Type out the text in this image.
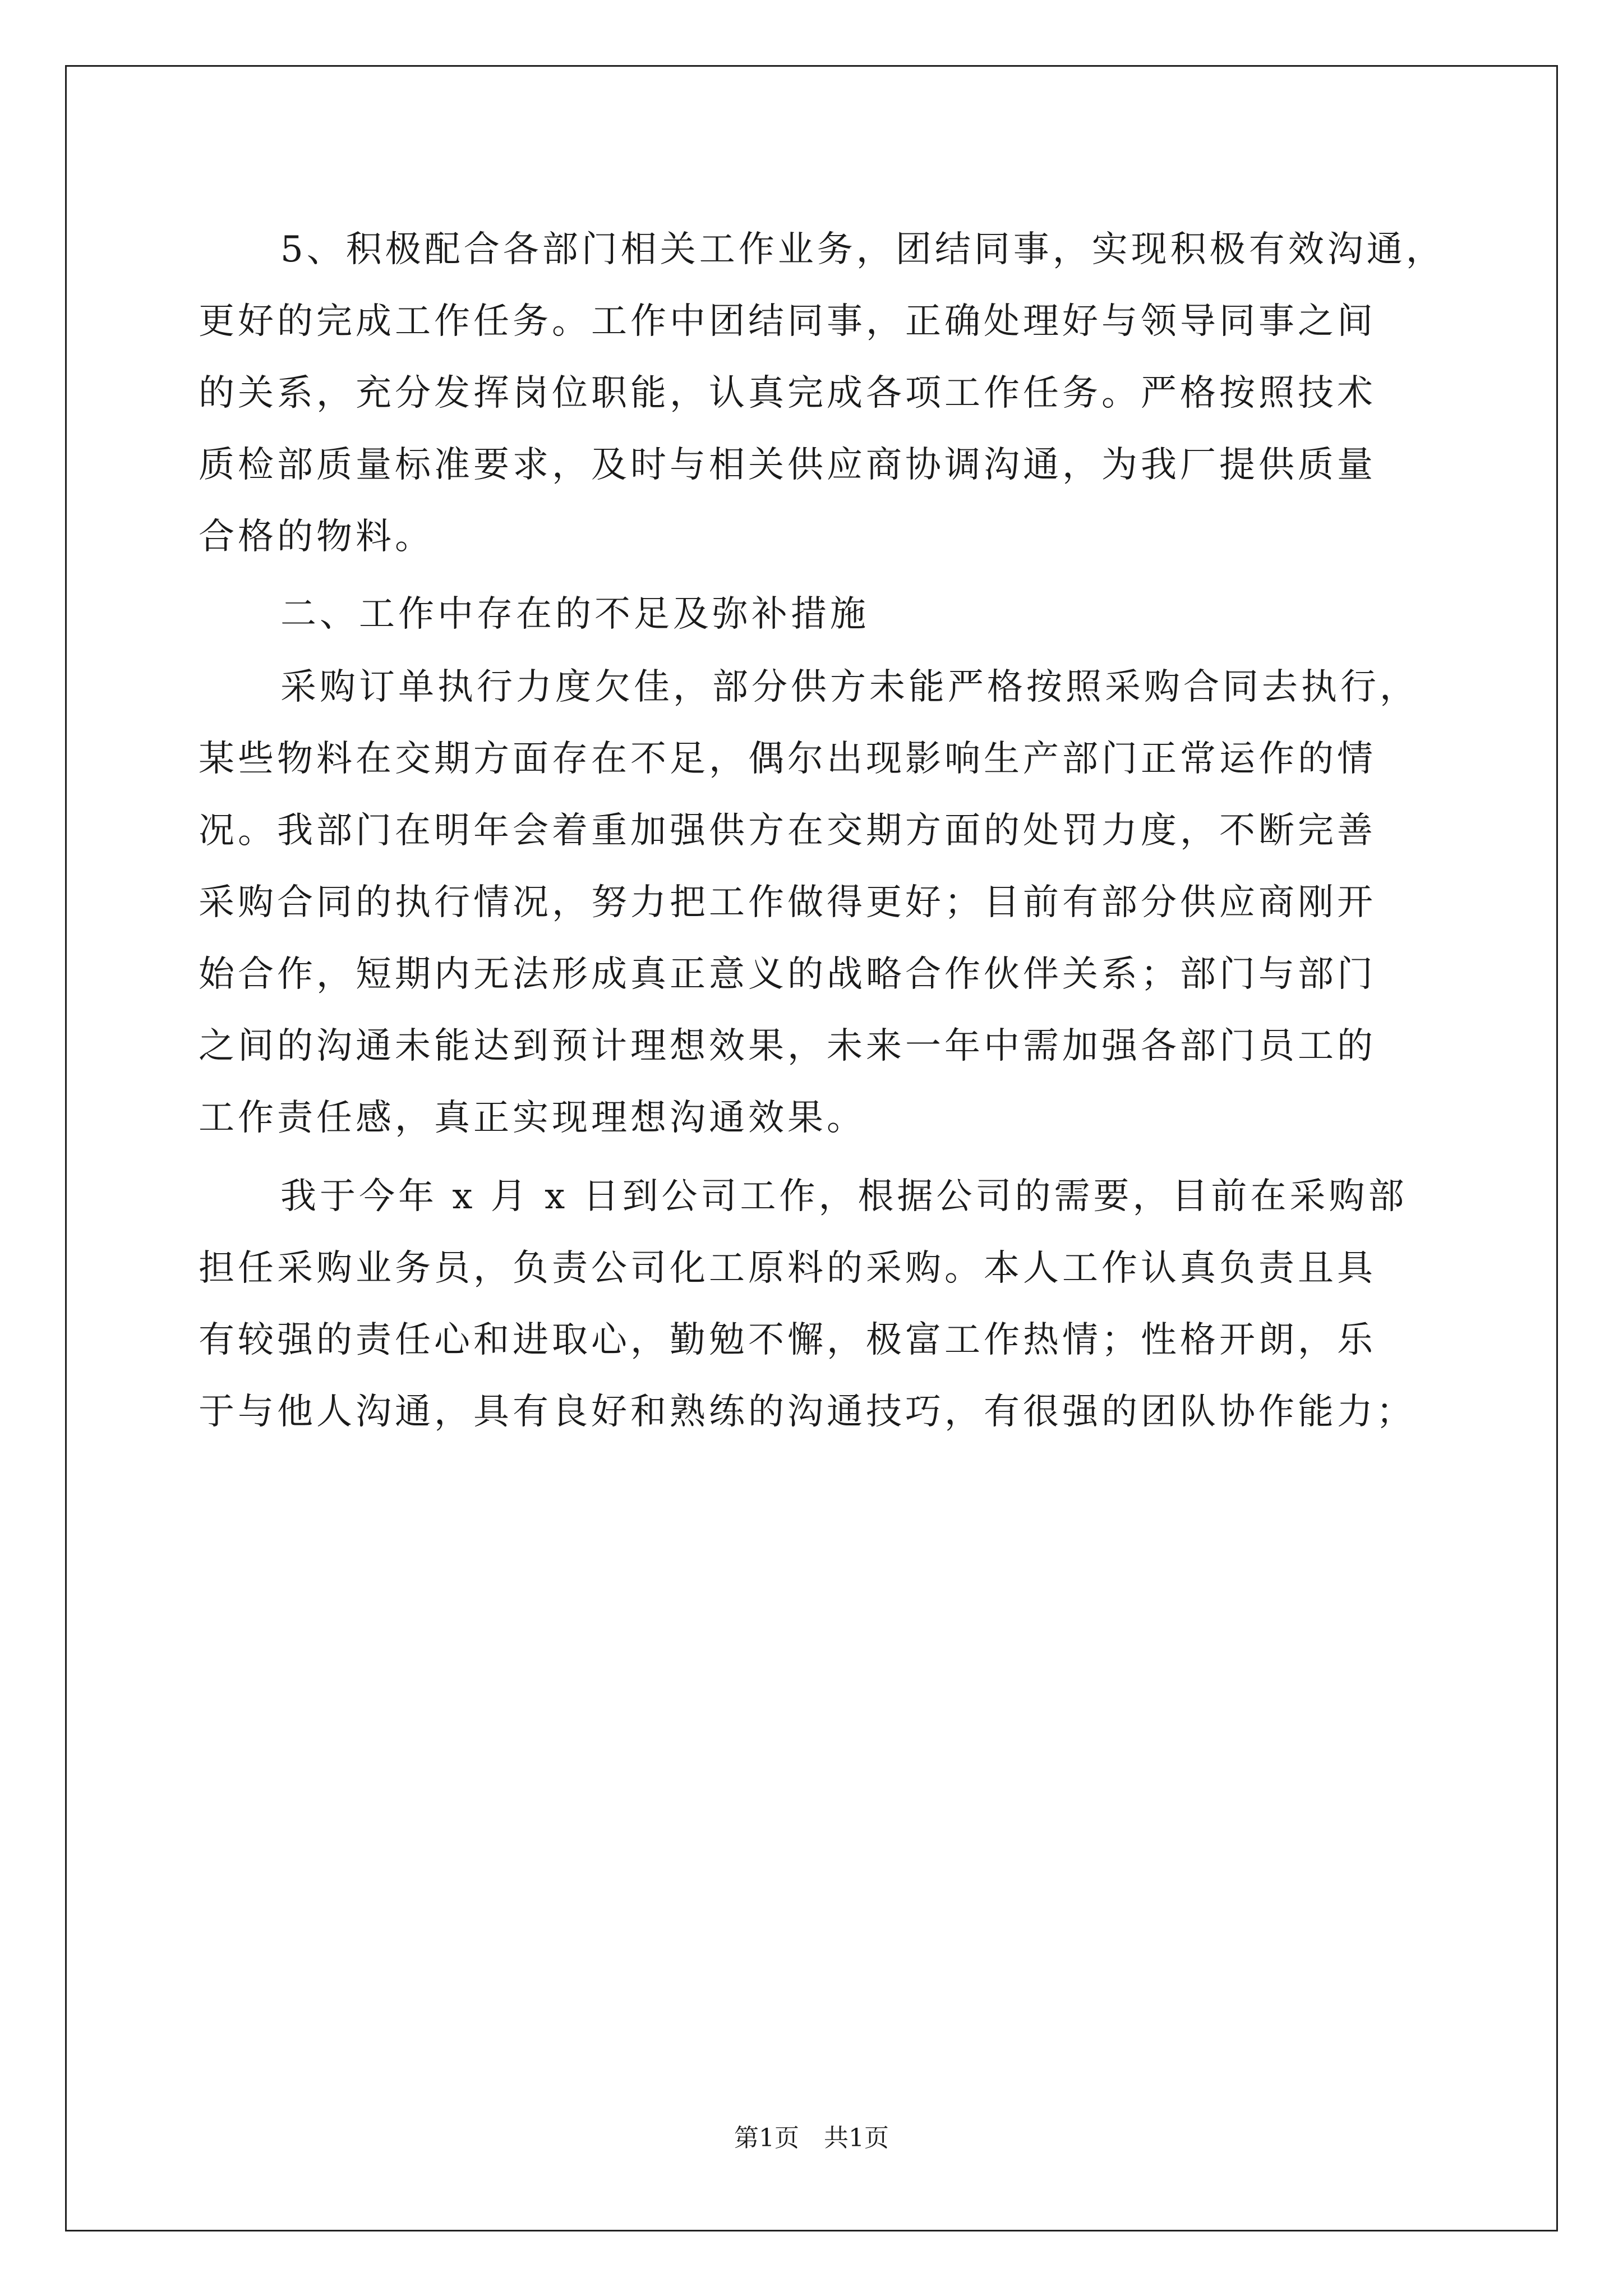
5、积极配合各部门相关工作业务，团结同事，实现积极有效沟通，
更好的完成工作任务。工作中团结同事，正确处理好与领导同事之间
的关系，充分发挥岗位职能，认真完成各项工作任务。严格按照技术
质检部质量标准要求，及时与相关供应商协调沟通，为我厂提供质量
合格的物料。
二、工作中存在的不足及弥补措施
采购订单执行力度欠佳，部分供方未能严格按照采购合同去执行，
某些物料在交期方面存在不足，偶尔出现影响生产部门正常运作的情
况。我部门在明年会着重加强供方在交期方面的处罚力度，不断完善
采购合同的执行情况，努力把工作做得更好；目前有部分供应商刚开
始合作，短期内无法形成真正意义的战略合作伙伴关系；部门与部门
之间的沟通未能达到预计理想效果，未来一年中需加强各部门员工的
工作责任感，真正实现理想沟通效果。
我于今年 x 月 x 日到公司工作，根据公司的需要，目前在采购部
担任采购业务员，负责公司化工原料的采购。本人工作认真负责且具
有较强的责任心和进取心，勤勉不懈，极富工作热情；性格开朗，乐
于与他人沟通，具有良好和熟练的沟通技巧，有很强的团队协作能力；
第1页　共1页
